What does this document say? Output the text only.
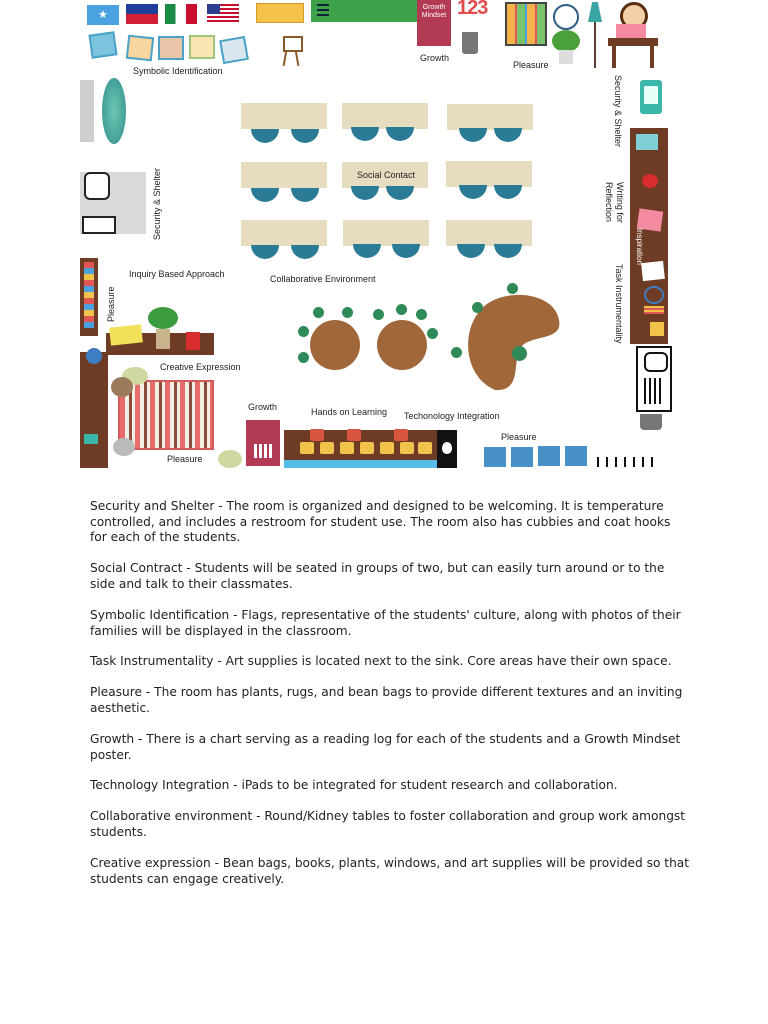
★
Symbolic Identification
Growth Mindset 123
Growth
Pleasure
Security & Shelter
Writing for Reflection
Inspiration
Task Instrumentality
Security & Shelter
Pleasure
Inquiry Based Approach
Creative Expression
Pleasure
Growth
Social Contact
Collaborative Environment
Hands on Learning Techonology Integration
Pleasure

Security and Shelter - The room is organized and designed to be welcoming. It is temperature controlled, and includes a restroom for student use. The room also has cubbies and coat hooks for each of the students.

Social Contract - Students will be seated in groups of two, but can easily turn around or to the side and talk to their classmates.

Symbolic Identification - Flags, representative of the students' culture, along with photos of their families will be displayed in the classroom.

Task Instrumentality - Art supplies is located next to the sink. Core areas have their own space.

Pleasure - The room has plants, rugs, and bean bags to provide different textures and an inviting aesthetic.

Growth - There is a chart serving as a reading log for each of the students and a Growth Mindset poster.

Technology Integration - iPads to be integrated for student research and collaboration.

Collaborative environment - Round/Kidney tables to foster collaboration and group work amongst students.

Creative expression - Bean bags, books, plants, windows, and art supplies will be provided so that students can engage creatively.
